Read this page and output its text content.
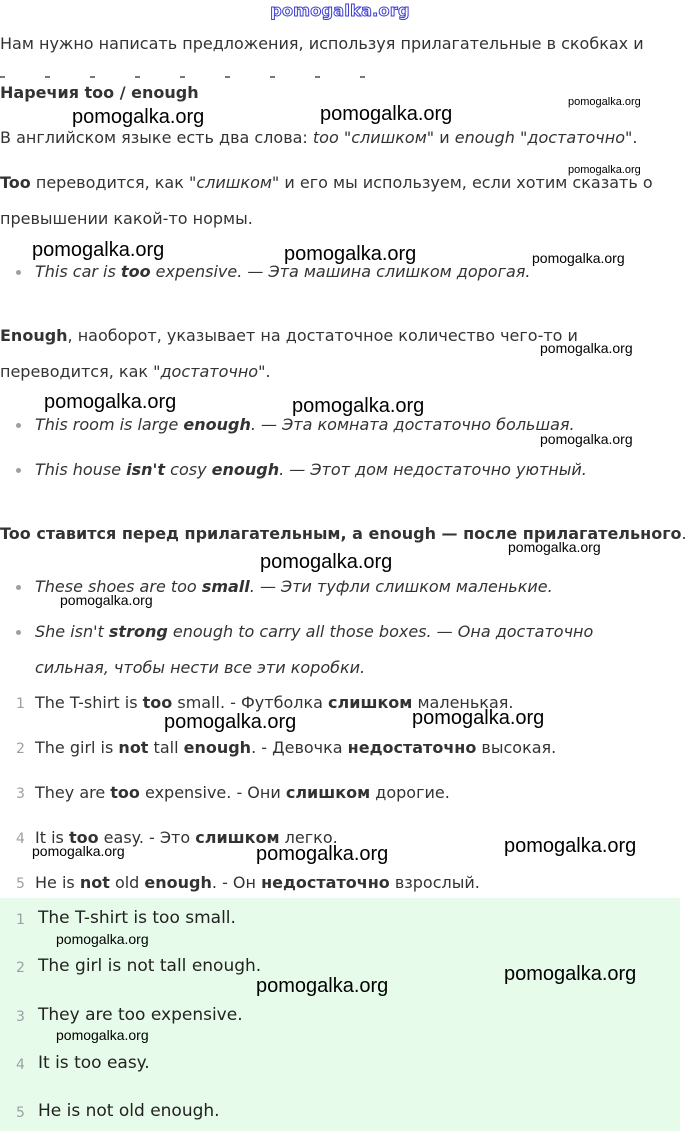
pomogalka.org
Нам нужно написать предложения, используя прилагательные в скобках и
Наречия too / enough
В английском языке есть два слова: too "слишком" и enough "достаточно".
Too переводится, как "слишком" и его мы используем, если хотим сказать о
превышении какой-то нормы.
This car is too expensive. — Эта машина слишком дорогая.
Enough, наоборот, указывает на достаточное количество чего-то и
переводится, как "достаточно".
This room is large enough. — Эта комната достаточно большая.
This house isn't cosy enough. — Этот дом недостаточно уютный.
Too ставится перед прилагательным, а enough — после прилагательного.
These shoes are too small. — Эти туфли слишком маленькие.
She isn't strong enough to carry all those boxes. — Она достаточно
сильная, чтобы нести все эти коробки.
1 The T-shirt is too small. - Футболка слишком маленькая.
2 The girl is not tall enough. - Девочка недостаточно высокая.
3 They are too expensive. - Они слишком дорогие.
4 It is too easy. - Это слишком легко.
5 He is not old enough. - Он недостаточно взрослый.
1 The T-shirt is too small.
2 The girl is not tall enough.
3 They are too expensive.
4 It is too easy.
5 He is not old enough.
pomogalka.org	pomogalka.org
pomogalka.org
pomogalka.org
pomogalka.org	pomogalka.org	pomogalka.org
pomogalka.org
pomogalka.org	pomogalka.org
pomogalka.org
pomogalka.org
pomogalka.org
pomogalka.org
pomogalka.org	pomogalka.org
pomogalka.org	pomogalka.org	pomogalka.org
pomogalka.org
pomogalka.org
pomogalka.org
pomogalka.org
